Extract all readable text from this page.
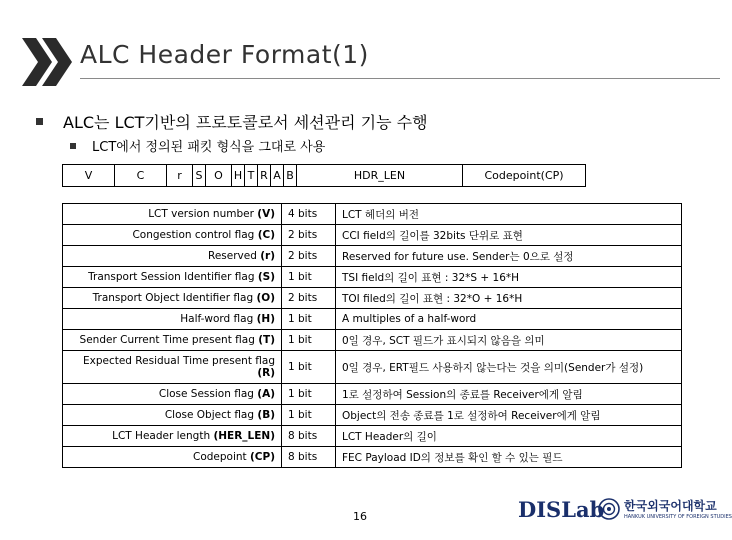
ALC Header Format(1)
ALC는 LCT기반의 프로토콜로서 세션관리 기능 수행
LCT에서 정의된 패킷 형식을 그대로 사용
V	C	r	S	O	H T R A B	HDR_LEN	Codepoint(CP)
LCT version number (V)	4 bits	LCT 헤더의 버전
Congestion control flag (C)	2 bits	CCI field의 길이를 32bits 단위로 표현
Reserved (r)	2 bits	Reserved for future use. Sender는 0으로 설정
Transport Session Identifier flag (S)	1 bit	TSI field의 길이 표현 : 32*S + 16*H
Transport Object Identifier flag (O)	2 bits	TOI filed의 길이 표현 : 32*O + 16*H
Half-word flag (H)	1 bit	A multiples of a half-word
Sender Current Time present flag (T)	1 bit	0일 경우, SCT 필드가 표시되지 않음을 의미
Expected Residual Time present flag (R)	1 bit	0일 경우, ERT필드 사용하지 않는다는 것을 의미(Sender가 설정)
Close Session flag (A)	1 bit	1로 설정하여 Session의 종료를 Receiver에게 알림
Close Object flag (B)	1 bit	Object의 전송 종료를 1로 설정하여 Receiver에게 알림
LCT Header length (HER_LEN)	8 bits	LCT Header의 길이
Codepoint (CP)	8 bits	FEC Payload ID의 정보를 확인 할 수 있는 필드
16	DISLab 한국외국어대학교
HANKUK UNIVERSITY OF FOREIGN STUDIES
